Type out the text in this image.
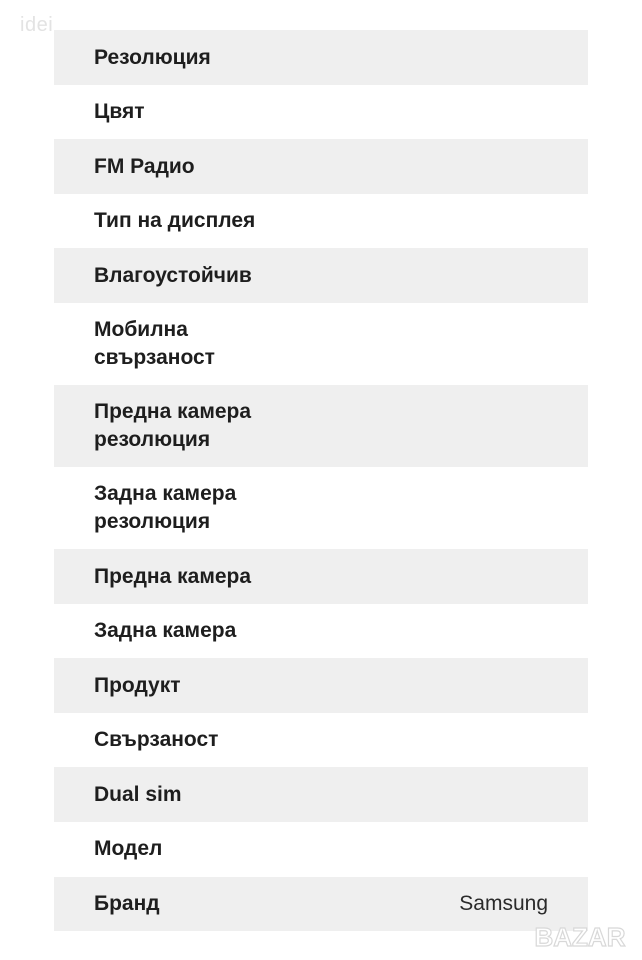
idei
Резолюция
Цвят
FM Радио
Тип на дисплея
Влагоустойчив
Мобилна свързаност
Предна камера резолюция
Задна камера резолюция
Предна камера
Задна камера
Продукт
Свързаност
Dual sim
Модел
Бранд	Samsung
BAZAR
